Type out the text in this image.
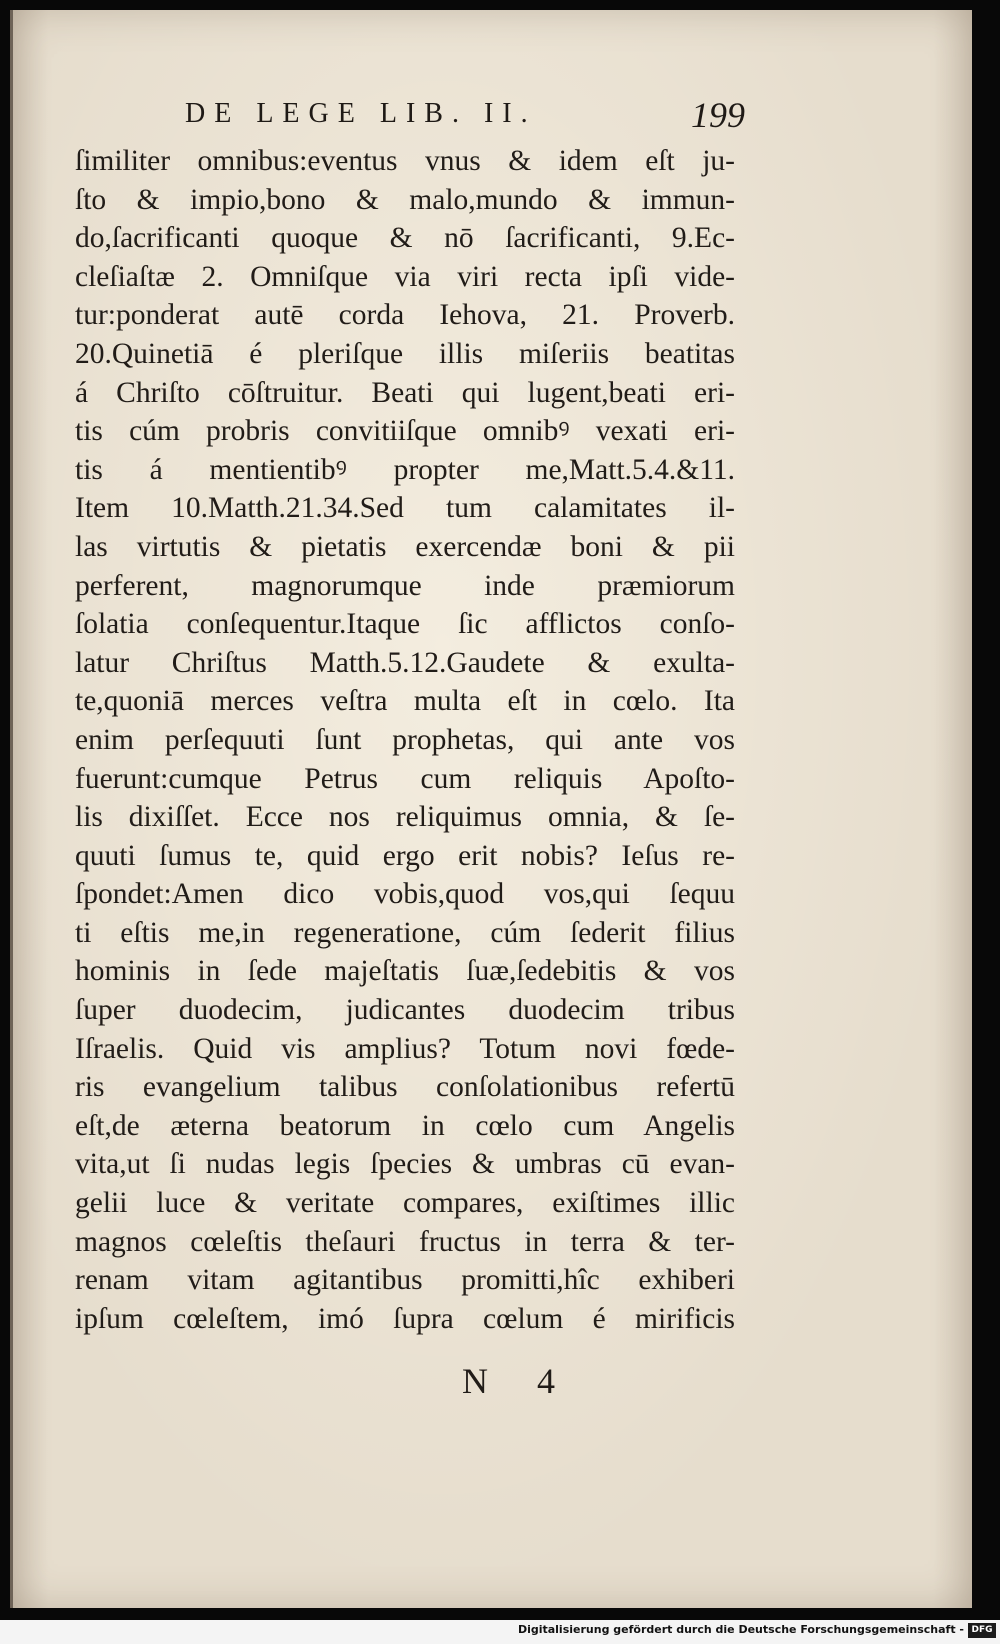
DE LEGE LIB. II.	199
ſimiliter omnibus:eventus vnus & idem eſt ju-
ſto & impio,bono & malo,mundo & immun-
do,ſacrificanti quoque & nō ſacrificanti, 9.Ec-
cleſiaſtæ 2. Omniſque via viri recta ipſi vide-
tur:ponderat autē corda Iehova, 21. Proverb.
20.Quinetiā é pleriſque illis miſeriis beatitas
á Chriſto cōſtruitur. Beati qui lugent,beati eri-
tis cúm probris convitiiſque omnibꝰ vexati eri-
tis á mentientibꝰ propter me,Matt.5.4.&11.
Item 10.Matth.21.34.Sed tum calamitates il-
las virtutis & pietatis exercendæ boni & pii
perferent, magnorumque inde præmiorum
ſolatia conſequentur.Itaque ſic afflictos conſo-
latur Chriſtus Matth.5.12.Gaudete & exulta-
te,quoniā merces veſtra multa eſt in cœlo. Ita
enim perſequuti ſunt prophetas, qui ante vos
fuerunt:cumque Petrus cum reliquis Apoſto-
lis dixiſſet. Ecce nos reliquimus omnia, & ſe-
quuti ſumus te, quid ergo erit nobis? Ieſus re-
ſpondet:Amen dico vobis,quod vos,qui ſequu
ti eſtis me,in regeneratione, cúm ſederit filius
hominis in ſede majeſtatis ſuæ,ſedebitis & vos
ſuper duodecim, judicantes duodecim tribus
Iſraelis. Quid vis amplius? Totum novi fœde-
ris evangelium talibus conſolationibus refertū
eſt,de æterna beatorum in cœlo cum Angelis
vita,ut ſi nudas legis ſpecies & umbras cū evan-
gelii luce & veritate compares, exiſtimes illic
magnos cœleſtis theſauri fructus in terra & ter-
renam vitam agitantibus promitti,hîc exhiberi
ipſum cœleſtem, imó ſupra cœlum é mirificis
N 4
Digitalisierung gefördert durch die Deutsche Forschungsgemeinschaft - DFG
